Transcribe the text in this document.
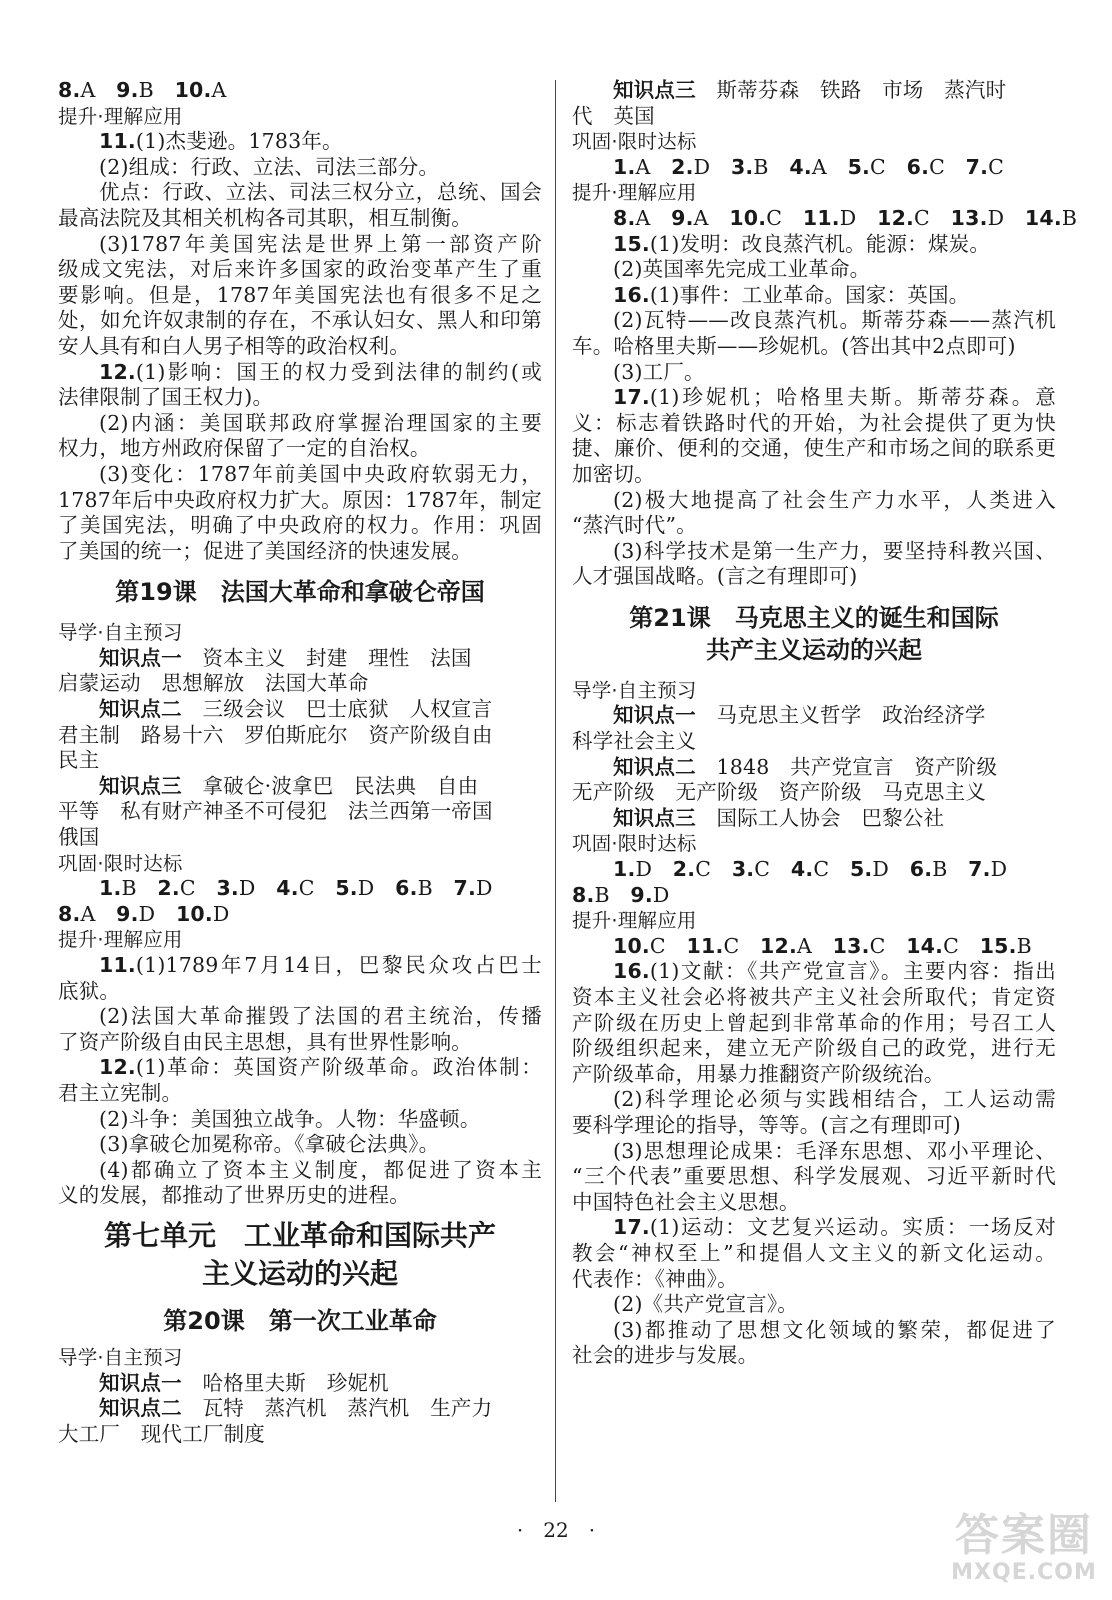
8.A　9.B　10.A
提升·理解应用
11.(1)杰斐逊。1783年。
(2)组成：行政、立法、司法三部分。
优点：行政、立法、司法三权分立，总统、国会
最高法院及其相关机构各司其职，相互制衡。
(3)1787年美国宪法是世界上第一部资产阶
级成文宪法，对后来许多国家的政治变革产生了重
要影响。但是，1787年美国宪法也有很多不足之
处，如允许奴隶制的存在，不承认妇女、黑人和印第
安人具有和白人男子相等的政治权利。
12.(1)影响：国王的权力受到法律的制约(或
法律限制了国王权力)。
(2)内涵：美国联邦政府掌握治理国家的主要
权力，地方州政府保留了一定的自治权。
(3)变化：1787年前美国中央政府软弱无力，
1787年后中央政府权力扩大。原因：1787年，制定
了美国宪法，明确了中央政府的权力。作用：巩固
了美国的统一；促进了美国经济的快速发展。
第19课　法国大革命和拿破仑帝国
导学·自主预习
知识点一　资本主义　封建　理性　法国
启蒙运动　思想解放　法国大革命
知识点二　三级会议　巴士底狱　人权宣言
君主制　路易十六　罗伯斯庇尔　资产阶级自由
民主
知识点三　拿破仑·波拿巴　民法典　自由
平等　私有财产神圣不可侵犯　法兰西第一帝国
俄国
巩固·限时达标
1.B　2.C　3.D　4.C　5.D　6.B　7.D
8.A　9.D　10.D
提升·理解应用
11.(1)1789年7月14日，巴黎民众攻占巴士
底狱。
(2)法国大革命摧毁了法国的君主统治，传播
了资产阶级自由民主思想，具有世界性影响。
12.(1)革命：英国资产阶级革命。政治体制：
君主立宪制。
(2)斗争：美国独立战争。人物：华盛顿。
(3)拿破仑加冕称帝。《拿破仑法典》。
(4)都确立了资本主义制度，都促进了资本主
义的发展，都推动了世界历史的进程。
第七单元　工业革命和国际共产
主义运动的兴起
第20课　第一次工业革命
导学·自主预习
知识点一　哈格里夫斯　珍妮机
知识点二　瓦特　蒸汽机　蒸汽机　生产力
大工厂　现代工厂制度
知识点三　斯蒂芬森　铁路　市场　蒸汽时
代　英国
巩固·限时达标
1.A　2.D　3.B　4.A　5.C　6.C　7.C
提升·理解应用
8.A　9.A　10.C　11.D　12.C　13.D　14.B
15.(1)发明：改良蒸汽机。能源：煤炭。
(2)英国率先完成工业革命。
16.(1)事件：工业革命。国家：英国。
(2)瓦特——改良蒸汽机。斯蒂芬森——蒸汽机
车。哈格里夫斯——珍妮机。(答出其中2点即可)
(3)工厂。
17.(1)珍妮机；哈格里夫斯。斯蒂芬森。意
义：标志着铁路时代的开始，为社会提供了更为快
捷、廉价、便利的交通，使生产和市场之间的联系更
加密切。
(2)极大地提高了社会生产力水平，人类进入
“蒸汽时代”。
(3)科学技术是第一生产力，要坚持科教兴国、
人才强国战略。(言之有理即可)
第21课　马克思主义的诞生和国际
共产主义运动的兴起
导学·自主预习
知识点一　马克思主义哲学　政治经济学
科学社会主义
知识点二　1848　共产党宣言　资产阶级
无产阶级　无产阶级　资产阶级　马克思主义
知识点三　国际工人协会　巴黎公社
巩固·限时达标
1.D　2.C　3.C　4.C　5.D　6.B　7.D
8.B　9.D
提升·理解应用
10.C　11.C　12.A　13.C　14.C　15.B
16.(1)文献：《共产党宣言》。主要内容：指出
资本主义社会必将被共产主义社会所取代；肯定资
产阶级在历史上曾起到非常革命的作用；号召工人
阶级组织起来，建立无产阶级自己的政党，进行无
产阶级革命，用暴力推翻资产阶级统治。
(2)科学理论必须与实践相结合，工人运动需
要科学理论的指导，等等。(言之有理即可)
(3)思想理论成果：毛泽东思想、邓小平理论、
“三个代表”重要思想、科学发展观、习近平新时代
中国特色社会主义思想。
17.(1)运动：文艺复兴运动。实质：一场反对
教会“神权至上”和提倡人文主义的新文化运动。
代表作：《神曲》。
(2)《共产党宣言》。
(3)都推动了思想文化领域的繁荣，都促进了
社会的进步与发展。
·　22　·	答案圈
MXQE.COM
